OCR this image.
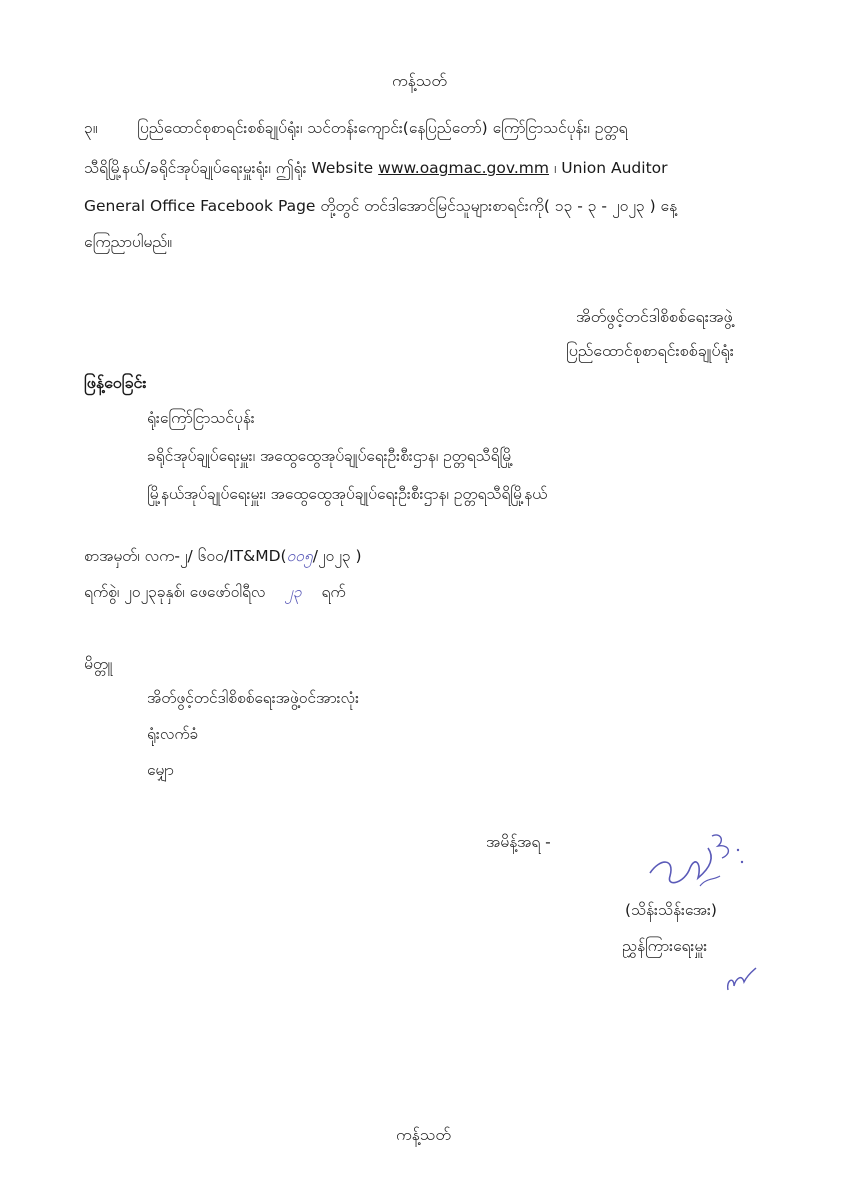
ကန့်သတ်
၃။	ပြည်ထောင်စုစာရင်းစစ်ချုပ်ရုံး၊ သင်တန်းကျောင်း(နေပြည်တော်) ကြော်ငြာသင်ပုန်း၊ ဥတ္တရ
သီရိမြို့နယ်/ခရိုင်အုပ်ချုပ်ရေးမှူးရုံး၊ ဤရုံး Website www.oagmac.gov.mm ၊ Union Auditor
General Office Facebook Page တို့တွင် တင်ဒါအောင်မြင်သူများစာရင်းကို( ၁၃ - ၃ - ၂၀၂၃ ) နေ့
ကြေညာပါမည်။
အိတ်ဖွင့်တင်ဒါစိစစ်ရေးအဖွဲ့
ပြည်ထောင်စုစာရင်းစစ်ချုပ်ရုံး
ဖြန့်ဝေခြင်း
ရုံးကြော်ငြာသင်ပုန်း
ခရိုင်အုပ်ချုပ်ရေးမှူး၊ အထွေထွေအုပ်ချုပ်ရေးဦးစီးဌာန၊ ဥတ္တရသီရိမြို့
မြို့နယ်အုပ်ချုပ်ရေးမှူး၊ အထွေထွေအုပ်ချုပ်ရေးဦးစီးဌာန၊ ဥတ္တရသီရိမြို့နယ်
စာအမှတ်၊ လက-၂/ ၆၀၀/IT&MD(၀၀၅/၂၀၂၃ )
ရက်စွဲ၊ ၂၀၂၃ခုနှစ်၊ ဖေဖော်ဝါရီလ ၂၃ ရက်
မိတ္တူ
အိတ်ဖွင့်တင်ဒါစိစစ်ရေးအဖွဲ့ဝင်အားလုံး
ရုံးလက်ခံ
မျှော
အမိန့်အရ -
(သိန်းသိန်းအေး)
ညွှန်ကြားရေးမှူး
ကန့်သတ်
